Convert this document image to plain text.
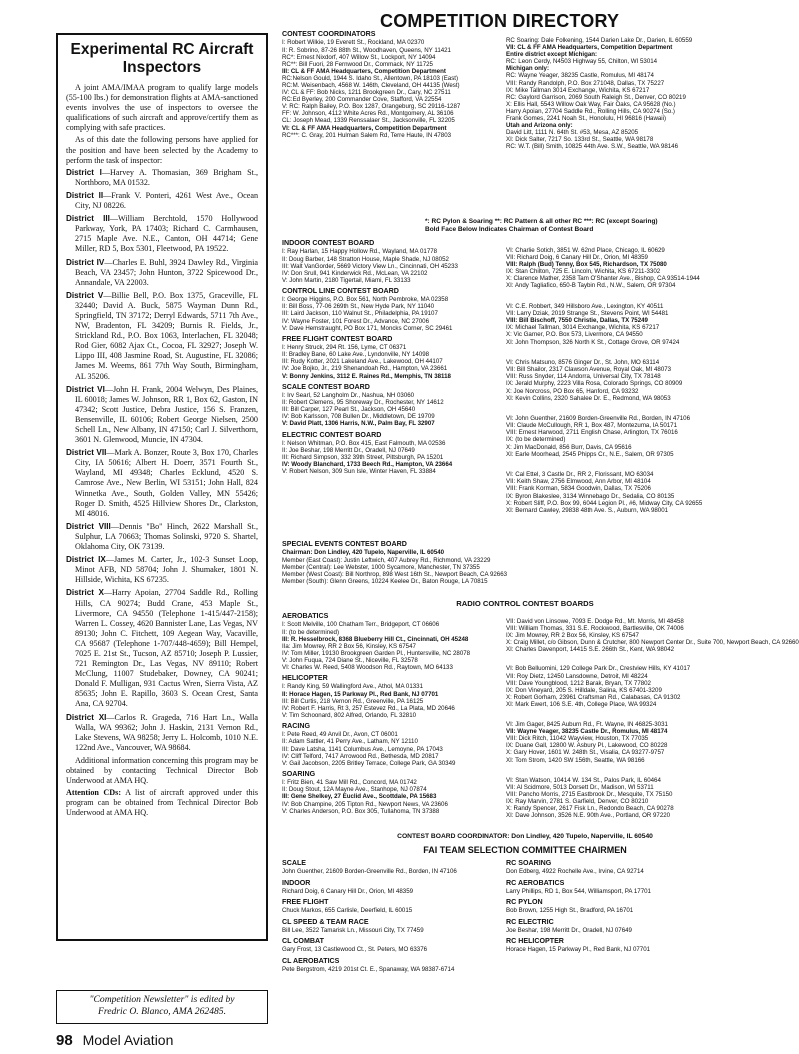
Experimental RC Aircraft Inspectors

A joint AMA/IMAA program to qualify large models (55-100 lbs.) for demonstration flights at AMA-sanctioned events involves the use of inspectors to oversee the qualifications of such aircraft and approve/certify them as complying with safe practices.

As of this date the following persons have applied for the position and have been selected by the Academy to perform the task of inspector:

District I—Harvey A. Thomasian, 369 Brigham St., Northboro, MA 01532.

District II—Frank V. Ponteri, 4261 West Ave., Ocean City, NJ 08226.

District III—William Berchtold, 1570 Hollywood Parkway, York, PA 17403; Richard C. Carmhausen, 2715 Maple Ave. N.E., Canton, OH 44714; Gene Miller, RD 5, Box 5301, Fleetwood, PA 19522.

District IV—Charles E. Buhl, 3924 Dawley Rd., Virginia Beach, VA 23457; John Hunton, 3722 Spicewood Dr., Annandale, VA 22003.

District V—Billie Bell, P.O. Box 1375, Graceville, FL 32440; David A. Buck, 5875 Wayman Dunn Rd., Springfield, TN 37172; Derryl Edwards, 5711 7th Ave., NW, Bradenton, FL 34209; Burnis R. Fields, Jr., Strickland Rd., P.O. Box 1063, Interlachen, FL 32048; Rod Gier, 6082 Ajax Ct., Cocoa, FL 32927; Joseph W. Lippo III, 408 Jasmine Road, St. Augustine, FL 32086; James M. Weems, 861 77th Way South, Birmingham, AL 35206.

District VI—John H. Frank, 2004 Welwyn, Des Plaines, IL 60018; James W. Johnson, RR 1, Box 62, Gaston, IN 47342; Scott Justice, Debra Justice, 156 S. Franzen, Bensenville, IL 60106; Robert George Nielsen, 2500 Schell Ln., New Albany, IN 47150; Carl J. Silverthorn, 3601 N. Glenwood, Muncie, IN 47304.

District VII—Mark A. Bonzer, Route 3, Box 170, Charles City, IA 50616; Albert H. Doerr, 3571 Fourth St., Wayland, MI 49348; Charles Ecklund, 4520 S. Camrose Ave., New Berlin, WI 53151; John Hall, 824 Winnetka Ave., South, Golden Valley, MN 55426; Roger D. Smith, 4525 Hillview Shores Dr., Clarkston, MI 48016.

District VIII—Dennis "Bo" Hinch, 2622 Marshall St., Sulphur, LA 70663; Thomas Solinski, 9720 S. Shartel, Oklahoma City, OK 73139.

District IX—James M. Carter, Jr., 102-3 Sunset Loop, Minot AFB, ND 58704; John J. Shumaker, 1801 N. Hillside, Wichita, KS 67235.

District X—Harry Apoian, 27704 Saddle Rd., Rolling Hills, CA 90274; Budd Crane, 453 Maple St., Livermore, CA 94550 (Telephone 1-415/447-2158); Warren L. Cossey, 4620 Bannister Lane, Las Vegas, NV 89130; John C. Fitchett, 109 Aegean Way, Vacaville, CA 95687 (Telephone 1-707/448-4659); Bill Hempel, 7025 E. 21st St., Tucson, AZ 85710; Joseph P. Lussier, 721 Remington Dr., Las Vegas, NV 89110; Robert McClung, 11007 Studebaker, Downey, CA 90241; Donald F. Mulligan, 931 Cactus Wren, Sierra Vista, AZ 85635; John E. Rapillo, 3603 S. Ocean Crest, Santa Ana, CA 92704.

District XI—Carlos R. Grageda, 716 Hart Ln., Walla Walla, WA 99362; John J. Haskin, 2131 Vernon Rd., Lake Stevens, WA 98258; Jerry L. Holcomb, 1010 N.E. 122nd Ave., Vancouver, WA 98684.

Additional information concerning this program may be obtained by contacting Technical Director Bob Underwood at AMA HQ.

Attention CDs: A list of aircraft approved under this program can be obtained from Technical Director Bob Underwood at AMA HQ.

"Competition Newsletter" is edited by
Fredric O. Blanco, AMA 262485.
98 Model Aviation
COMPETITION DIRECTORY
CONTEST COORDINATORS
I: Robert Wilkie, 19 Everett St., Rockland, MA 02370
II: R. Sobrino, 87-26 88th St., Woodhaven, Queens, NY 11421
RC*: Ernest Nixdorf, 407 Willow St., Lockport, NY 14094
RC**: Bill Fuori, 28 Fernwood Dr., Commack, NY 11725
III: CL & FF AMA Headquarters, Competition Department
RC:Nelson Gould, 1944 S. Idaho St., Allentown, PA 18103 (East)
RC:M. Weisenbach, 4568 W. 146th, Cleveland, OH 44135 (West)
IV: CL & FF: Bob Nicks, 1211 Brookgreen Dr., Cary, NC 27511
RC:Ed Byerley, 200 Commander Cove, Stafford, VA 22554
V: RC: Ralph Bailey, P.O. Box 1287, Orangeburg, SC 29116-1287
FF: W. Johnson, 4112 White Acres Rd., Montgomery, AL 36106
CL: Joseph Mead, 1339 Renssalaer St., Jacksonville, FL 32205
VI: CL & FF AMA Headquarters, Competition Department
RC***: C. Gray, 201 Hulman Salem Rd, Terre Haute, IN 47803
RC Soaring: Dale Folkening, 1544 Darien Lake Dr., Darien, IL 60559
VII: CL & FF AMA Headquarters, Competition Department
Entire district except Michigan:
RC: Leon Cerdy, N4503 Highway 55, Chilton, WI 53014
Michigan only:
RC: Wayne Yeager, 38235 Castle, Romulus, MI 48174
VIII: Randy Randolph, P.O. Box 271048, Dallas, TX 75227
IX: Mike Tallman 3014 Exchange, Wichita, KS 67217
RC: Gaylord Garrison, 2069 South Raleigh St., Denver, CO 80219
X: Ellis Hall, 5543 Willow Oak Way, Fair Oaks, CA 95628 (No.)
Harry Apoian, 27704 Saddle Rd., Rolling Hills, CA 90274 (So.)
Frank Gomes, 2241 Noah St., Honolulu, HI 96816 (Hawaii)
Utah and Arizona only:
David Litt, 1111 N. 64th St. #53, Mesa, AZ 85205
XI: Dick Salter, 7217 So. 133rd St., Seattle, WA 98178
RC: W.T. (Bill) Smith, 10825 44th Ave. S.W., Seattle, WA 98146
*: RC Pylon & Soaring **: RC Pattern & all other RC ***: RC (except Soaring)
Bold Face Below Indicates Chairman of Contest Board
INDOOR CONTEST BOARD
I: Ray Harlan, 15 Happy Hollow Rd., Wayland, MA 01778
II: Doug Barber, 148 Stratton House, Maple Shade, NJ 08052
III: Walt VanGorder, 5669 Victory View Ln., Cincinnati, OH 45233
IV: Don Srull, 941 Kinderwick Rd., McLean, VA 22102
V: John Martin, 2180 Tigertail, Miami, FL 33133
CONTROL LINE CONTEST BOARD
I: George Higgins, P.O. Box 561, North Pembroke, MA 02358
II: Bill Boss, 77-06 269th St., New Hyde Park, NY 11040
III: Laird Jackson, 110 Walnut St., Philadelphia, PA 19107
IV: Wayne Foster, 101 Forest Dr., Advance, NC 27006
V: Dave Hemstraught, PO Box 171, Moncks Corner, SC 29461
FREE FLIGHT CONTEST BOARD
I: Henry Struck, 294 Rt. 156, Lyme, CT 06371
II: Bradley Bane, 60 Lake Ave., Lyndonville, NY 14098
III: Rudy Kotter, 2021 Lakeland Ave., Lakewood, OH 44107
IV: Joe Bojko, Jr., 219 Shenandoah Rd., Hampton, VA 23661
V: Bonny Jenkins, 3112 E. Raines Rd., Memphis, TN 38118
SCALE CONTEST BOARD
I: Irv Searl, 52 Langholm Dr., Nashua, NH 03060
II: Robert Clemens, 95 Shoreway Dr., Rochester, NY 14612
III: Bill Carper, 127 Pearl St., Jackson, OH 45640
IV: Bob Karlsson, 708 Bullen Dr., Middletown, DE 19709
V: David Platt, 1306 Harris, N.W., Palm Bay, FL 32907
ELECTRIC CONTEST BOARD
I: Nelson Whitman, P.O. Box 415, East Falmouth, MA 02536
II: Joe Beshar, 198 Merritt Dr., Oradell, NJ 07649
III: Richard Simpson, 332 39th Street, Pittsburgh, PA 15201
IV: Woody Blanchard, 1733 Beech Rd., Hampton, VA 23664
V: Robert Nelson, 309 Sun Isle, Winter Haven, FL 33884
VI: Charlie Sotich, 3851 W. 62nd Place, Chicago, IL 60629
VII: Richard Doig, 6 Canary Hill Dr., Orion, MI 48359
VIII: Ralph (Bud) Tenny, Box 545, Richardson, TX 75080
IX: Stan Chilton, 725 E. Lincoln, Wichita, KS 67211-3302
X: Clarence Mather, 2358 Tam O'Shanter Ave., Bishop, CA 93514-1944
XI: Andy Tagliafico, 650-B Taybin Rd., N.W., Salem, OR 97304
VI: C.E. Robbert, 349 Hillsboro Ave., Lexington, KY 40511
VII: Larry Dziak, 2019 Strange St., Stevens Point, WI 54481
VIII: Bill Bischoff, 7550 Christie, Dallas, TX 75249
IX: Michael Tallman, 3014 Exchange, Wichita, KS 67217
X: Vic Garner, P.O. Box 573, Livermore, CA 94550
XI: John Thompson, 326 North K St., Cottage Grove, OR 97424
VI: Chris Matsuno, 8576 Ginger Dr., St. John, MO 63114
VII: Bill Shailor, 2317 Clawson Avenue, Royal Oak, MI 48073
VIII: Russ Snyder, 114 Andorra, Universal City, TX 78148
IX: Jerald Murphy, 2223 Villa Rosa, Colorado Springs, CO 80909
X: Joe Norcross, PO Box 65, Hanford, CA 93232
XI: Kevin Collins, 2320 Sahalee Dr. E., Redmond, WA 98053
VI: John Guenther, 21609 Borden-Greenville Rd., Borden, IN 47106
VII: Claude McCullough, RR 1, Box 487, Montezuma, IA 50171
VIII: Ernest Harwood, 2711 English Chase, Arlington, TX 76016
IX: (to be determined)
X: Jim MacDonald, 856 Burr, Davis, CA 95616
XI: Earle Moorhead, 2545 Phipps Cr., N.E., Salem, OR 97305
VI: Cal Ettel, 3 Castle Dr., RR 2, Florissant, MO 63034
VII: Keith Shaw, 2756 Elmwood, Ann Arbor, MI 48104
VIII: Frank Korman, 5834 Goodwin, Dallas, TX 75206
IX: Byron Blakeslee, 3134 Winnebago Dr., Sedalia, CO 80135
X: Robert Sliff, P.O. Box 99, 6044 Legion Pl., #6, Midway City, CA 92655
XI: Bernard Cawley, 29838 48th Ave. S., Auburn, WA 98001
SPECIAL EVENTS CONTEST BOARD
Chairman: Don Lindley, 420 Tupelo, Naperville, IL 60540
Member (East Coast): Justin Leftwich, 407 Aubrey Rd., Richmond, VA 23229
Member (Central): Lee Webster, 1000 Sycamore, Manchester, TN 37355
Member (West Coast): Bill Northrop, 898 West 16th St., Newport Beach, CA 92663
Member (South): Glenn Greens, 10224 Keelee Dr., Baton Rouge, LA 70815
RADIO CONTROL CONTEST BOARDS
AEROBATICS
I: Scott Melville, 100 Chatham Terr., Bridgeport, CT 06606
II: (to be determined)
III: R. Hesselbrock, 8368 Blueberry Hill Ct., Cincinnati, OH 45248
IIa: Jim Mowrey, RR 2 Box 56, Kinsley, KS 67547
IV: Tom Miller, 19130 Brookgreen Garden Pl., Huntersville, NC 28078
V: John Fuqua, 724 Diane St., Niceville, FL 32578
VI: Charles W. Reed, 5408 Woodson Rd., Raytown, MO 64133
HELICOPTER
I: Randy King, 59 Wallingford Ave., Athol, MA 01331
II: Horace Hagen, 15 Parkway Pl., Red Bank, NJ 07701
III: Bill Curtis, 218 Vernon Rd., Greenville, PA 16125
IV: Robert F. Harris, Rt 3, 257 Estevez Rd., La Plata, MD 20646
V: Tim Schoonard, 802 Alfred, Orlando, FL 32810
RACING
I: Pete Reed, 49 Anvil Dr., Avon, CT 06001
II: Adam Sattler, 41 Perry Ave., Latham, NY 12110
III: Dave Latsha, 1141 Columbus Ave., Lemoyne, PA 17043
IV: Cliff Telford, 7417 Arrowood Rd., Bethesda, MD 20817
V: Gail Jacobson, 2205 Britley Terrace, College Park, GA 30349
SOARING
I: Fritz Bien, 41 Saw Mill Rd., Concord, MA 01742
II: Doug Stout, 12A Mayne Ave., Stanhope, NJ 07874
III: Gene Shelkey, 27 Euclid Ave., Scottdale, PA 15683
IV: Bob Champine, 205 Tipton Rd., Newport News, VA 23606
V: Charles Anderson, P.O. Box 305, Tullahoma, TN 37388
VII: David von Linsowe, 7093 E. Dodge Rd., Mt. Morris, MI 48458
VIII: William Thomas, 331 S.E. Rockwood, Bartlesville, OK 74006
IX: Jim Mowrey, RR 2 Box 56, Kinsley, KS 67547
X: Craig Millet, c/o Gibson, Dunn & Crutcher, 800 Newport Center Dr., Suite 700, Newport Beach, CA 92660
XI: Charles Davenport, 14415 S.E. 266th St., Kent, WA 98042
VI: Bob Belluomini, 129 College Park Dr., Crestview Hills, KY 41017
VII: Roy Dietz, 12450 Lansdowne, Detroit, MI 48224
VIII: Dave Youngblood, 1212 Barak, Bryan, TX 77802
IX: Don Vineyard, 205 S. Hilldale, Salina, KS 67401-3209
X: Robert Gorham, 23961 Craftsman Rd., Calabasas, CA 91302
XI: Mark Ewert, 106 S.E. 4th, College Place, WA 99324
VI: Jim Gager, 8425 Auburn Rd., Ft. Wayne, IN 46825-3031
VII: Wayne Yeager, 38235 Castle Dr., Romulus, MI 48174
VIII: Dick Ritch, 11042 Wayview, Houston, TX 77035
IX: Duane Gall, 12800 W. Asbury Pl., Lakewood, CO 80228
X: Gary Hover, 1601 W. 248th St., Visalia, CA 93277-9757
XI: Tom Strom, 1420 SW 156th, Seattle, WA 98166
VI: Stan Watson, 10414 W. 134 St., Palos Park, IL 60464
VII: Al Scidmore, 5013 Dorsett Dr., Madison, WI 53711
VIII: Pancho Morris, 2715 Eastbrook Dr., Mesquite, TX 75150
IX: Ray Marvin, 2781 S. Garfield, Denver, CO 80210
X: Randy Spencer, 2617 Fisk Ln., Redondo Beach, CA 90278
XI: Dave Johnson, 3526 N.E. 90th Ave., Portland, OR 97220
CONTEST BOARD COORDINATOR: Don Lindley, 420 Tupelo, Naperville, IL 60540
FAI TEAM SELECTION COMMITTEE CHAIRMEN
SCALE
John Guenther, 21609 Borden-Greenville Rd., Borden, IN 47106
INDOOR
Richard Doig, 6 Canary Hill Dr., Orion, MI 48359
FREE FLIGHT
Chuck Markos, 655 Carlisle, Deerfield, IL 60015
CL SPEED & TEAM RACE
Bill Lee, 3522 Tamarisk Ln., Missouri City, TX 77459
CL COMBAT
Gary Frost, 13 Castlewood Ct., St. Peters, MO 63376
CL AEROBATICS
Pete Bergstrom, 4219 201st Ct. E., Spanaway, WA 98387-6714
RC SOARING
Don Edberg, 4922 Rochelle Ave., Irvine, CA 92714
RC AEROBATICS
Larry Phillips, RD 1, Box 544, Williamsport, PA 17701
RC PYLON
Bob Brown, 1255 High St., Bradford, PA 16701
RC ELECTRIC
Joe Beshar, 198 Merritt Dr., Oradell, NJ 07649
RC HELICOPTER
Horace Hagen, 15 Parkway Pl., Red Bank, NJ 07701
